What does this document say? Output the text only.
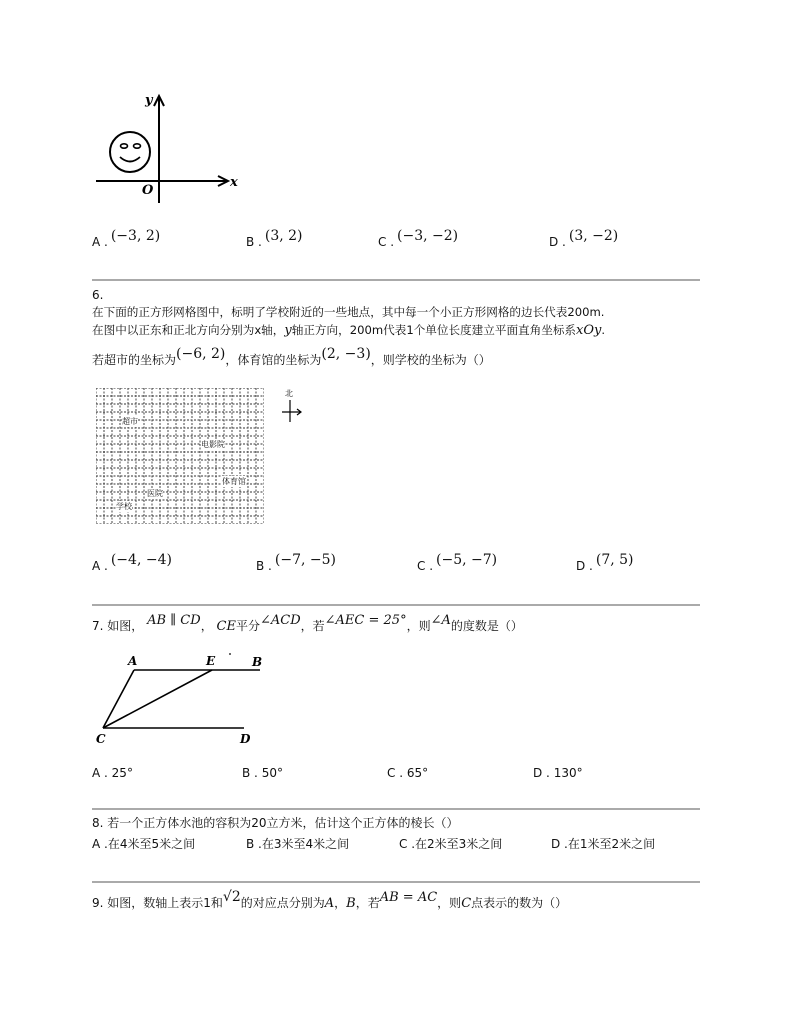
y
x
O
A . (−3, 2)	B . (3, 2)	C . (−3, −2)	D . (3, −2)
6.
在下面的正方形网格图中，标明了学校附近的一些地点，其中每一个小正方形网格的边长代表200m.
在图中以正东和正北方向分别为x轴，y轴正方向，200m代表1个单位长度建立平面直角坐标系xOy.
若超市的坐标为(−6, 2)，体育馆的坐标为(2, −3)，则学校的坐标为（）
超市
电影院
体育馆
医院
学校
北
A . (−4, −4)	B . (−7, −5)	C . (−5, −7)	D . (7, 5)
7. 如图， AB ∥ CD， CE平分∠ACD，若∠AEC = 25°，则∠A的度数是（）
A	E	B
C	D
A . 25°	B . 50°	C . 65°	D . 130°
8. 若一个正方体水池的容积为20立方米，估计这个正方体的棱长（）
A .在4米至5米之间	B .在3米至4米之间	C .在2米至3米之间	D .在1米至2米之间
9. 如图，数轴上表示1和√2的对应点分别为A，B，若AB = AC，则C点表示的数为（）
